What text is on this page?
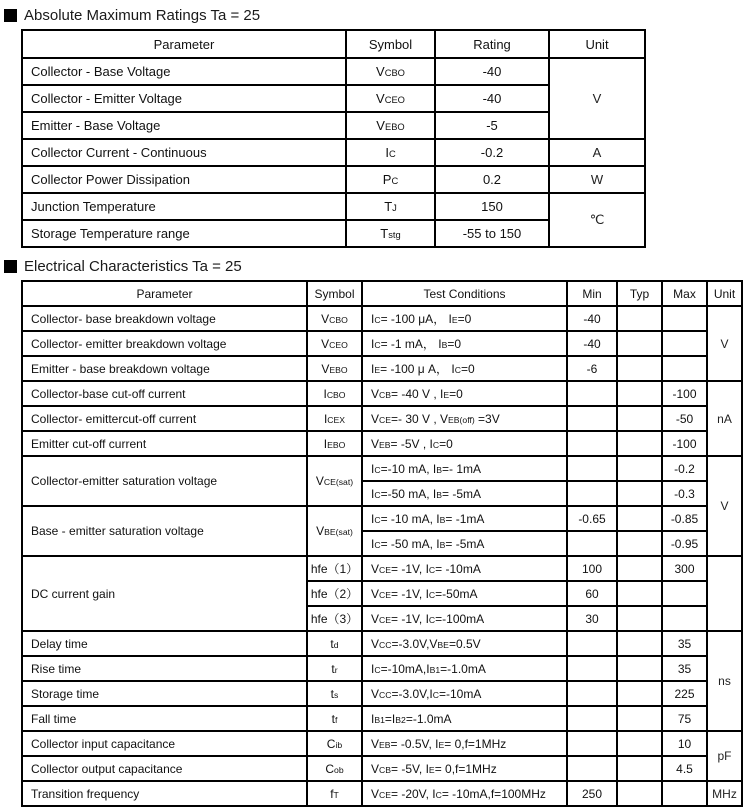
Absolute Maximum Ratings Ta = 25
Parameter	Symbol	Rating	Unit
Collector - Base Voltage	VCBO	-40	V
Collector - Emitter Voltage	VCEO	-40	
Emitter - Base Voltage	VEBO	-5	
Collector Current - Continuous	IC	-0.2	A
Collector Power Dissipation	PC	0.2	W
Junction Temperature	TJ	150	℃
Storage Temperature range	Tstg	-55 to 150	
Electrical Characteristics Ta = 25
Parameter	Symbol	Test Conditions	Min	Typ	Max	Unit
Collector- base breakdown voltage	VCBO	IC= -100 μA， IE=0	-40			V
Collector- emitter breakdown voltage	VCEO	IC= -1 mA， IB=0	-40			
Emitter - base breakdown voltage	VEBO	IE= -100 μ A， IC=0	-6			
Collector-base cut-off current	ICBO	VCB= -40 V , IE=0			-100	nA
Collector- emittercut-off current	ICEX	VCE=- 30 V , VEB(off) =3V			-50	
Emitter cut-off current	IEBO	VEB= -5V , IC=0			-100	
Collector-emitter saturation voltage	VCE(sat)	IC=-10 mA, IB=- 1mA			-0.2	V
		IC=-50 mA, IB= -5mA			-0.3	
Base - emitter saturation voltage	VBE(sat)	IC= -10 mA, IB= -1mA	-0.65		-0.85	
		IC= -50 mA, IB= -5mA			-0.95	
DC current gain	hfe（1）	VCE= -1V, IC= -10mA	100		300	
	hfe（2）	VCE= -1V, IC=-50mA	60			
	hfe（3）	VCE= -1V, IC=-100mA	30			
Delay time	td	VCC=-3.0V,VBE=0.5V			35	ns
Rise time	tr	IC=-10mA,IB1=-1.0mA			35	
Storage time	ts	VCC=-3.0V,IC=-10mA			225	
Fall time	tf	IB1=IB2=-1.0mA			75	
Collector input capacitance	Cib	VEB= -0.5V, IE= 0,f=1MHz			10	pF
Collector output capacitance	Cob	VCB= -5V, IE= 0,f=1MHz			4.5	
Transition frequency	fT	VCE= -20V, IC= -10mA,f=100MHz	250			MHz
